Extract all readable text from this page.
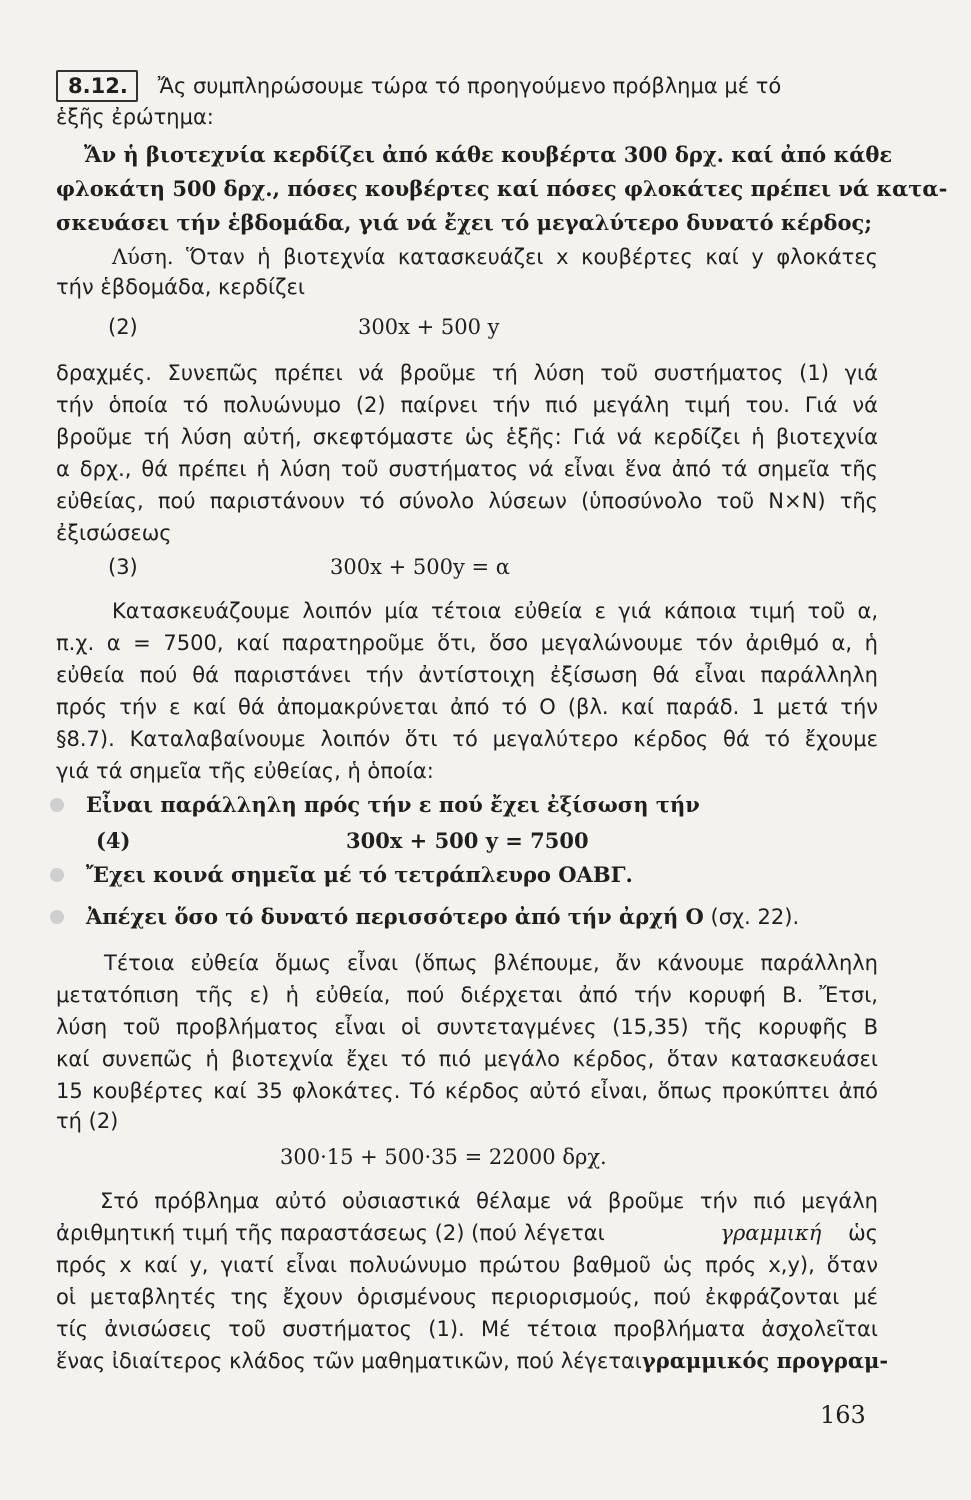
8.12. Ἄς συμπληρώσουμε τώρα τό προηγούμενο πρόβλημα μέ τό
ἑξῆς ἐρώτημα:
Ἄν ἡ βιοτεχνία κερδίζει ἀπό κάθε κουβέρτα 300 δρχ. καί ἀπό κάθε
φλοκάτη 500 δρχ., πόσες κουβέρτες καί πόσες φλοκάτες πρέπει νά κατα-
σκευάσει τήν ἑβδομάδα, γιά νά ἔχει τό μεγαλύτερο δυνατό κέρδος;
Λύση. Ὅταν ἡ βιοτεχνία κατασκευάζει x κουβέρτες καί y φλοκάτες
τήν ἑβδομάδα, κερδίζει
(2)	300x + 500 y
δραχμές. Συνεπῶς πρέπει νά βροῦμε τή λύση τοῦ συστήματος (1) γιά
τήν ὁποία τό πολυώνυμο (2) παίρνει τήν πιό μεγάλη τιμή του. Γιά νά
βροῦμε τή λύση αὐτή, σκεφτόμαστε ὡς ἑξῆς: Γιά νά κερδίζει ἡ βιοτεχνία
α δρχ., θά πρέπει ἡ λύση τοῦ συστήματος νά εἶναι ἕνα ἀπό τά σημεῖα τῆς
εὐθείας, πού παριστάνουν τό σύνολο λύσεων (ὑποσύνολο τοῦ N×N) τῆς
ἐξισώσεως
(3)	300x + 500y = α
Κατασκευάζουμε λοιπόν μία τέτοια εὐθεία ε γιά κάποια τιμή τοῦ α,
π.χ. α = 7500, καί παρατηροῦμε ὅτι, ὅσο μεγαλώνουμε τόν ἀριθμό α, ἡ
εὐθεία πού θά παριστάνει τήν ἀντίστοιχη ἐξίσωση θά εἶναι παράλληλη
πρός τήν ε καί θά ἀπομακρύνεται ἀπό τό O (βλ. καί παράδ. 1 μετά τήν
§8.7). Καταλαβαίνουμε λοιπόν ὅτι τό μεγαλύτερο κέρδος θά τό ἔχουμε
γιά τά σημεῖα τῆς εὐθείας, ἡ ὁποία:
Εἶναι παράλληλη πρός τήν ε πού ἔχει ἐξίσωση τήν
(4)	300x + 500 y = 7500
Ἔχει κοινά σημεῖα μέ τό τετράπλευρο ΟΑΒΓ.
Ἀπέχει ὅσο τό δυνατό περισσότερο ἀπό τήν ἀρχή Ο (σχ. 22).
Τέτοια εὐθεία ὅμως εἶναι (ὅπως βλέπουμε, ἄν κάνουμε παράλληλη
μετατόπιση τῆς ε) ἡ εὐθεία, πού διέρχεται ἀπό τήν κορυφή Β. Ἔτσι,
λύση τοῦ προβλήματος εἶναι οἱ συντεταγμένες (15,35) τῆς κορυφῆς Β
καί συνεπῶς ἡ βιοτεχνία ἔχει τό πιό μεγάλο κέρδος, ὅταν κατασκευάσει
15 κουβέρτες καί 35 φλοκάτες. Τό κέρδος αὐτό εἶναι, ὅπως προκύπτει ἀπό
τή (2)
300·15 + 500·35 = 22000 δρχ.
Στό πρόβλημα αὐτό οὐσιαστικά θέλαμε νά βροῦμε τήν πιό μεγάλη
ἀριθμητική τιμή τῆς παραστάσεως (2) (πού λέγεται	γραμμική ὡς
πρός x καί y, γιατί εἶναι πολυώνυμο πρώτου βαθμοῦ ὡς πρός x,y), ὅταν
οἱ μεταβλητές της ἔχουν ὁρισμένους περιορισμούς, πού ἐκφράζονται μέ
τίς ἀνισώσεις τοῦ συστήματος (1). Μέ τέτοια προβλήματα ἀσχολεῖται
ἕνας ἰδιαίτερος κλάδος τῶν μαθηματικῶν, πού λέγεται γραμμικός προγραμ-
163
